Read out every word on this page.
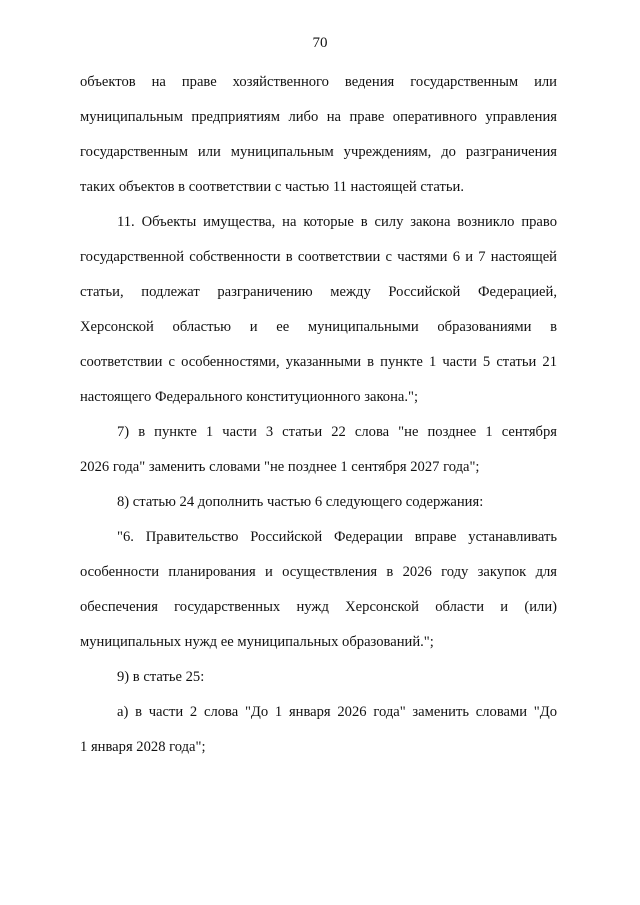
70
объектов на праве хозяйственного ведения государственным или
муниципальным предприятиям либо на праве оперативного управления
государственным или муниципальным учреждениям, до разграничения
таких объектов в соответствии с частью 11 настоящей статьи.
11. Объекты имущества, на которые в силу закона возникло право
государственной собственности в соответствии с частями 6 и 7 настоящей
статьи, подлежат разграничению между Российской Федерацией,
Херсонской областью и ее муниципальными образованиями в
соответствии с особенностями, указанными в пункте 1 части 5 статьи 21
настоящего Федерального конституционного закона.";
7) в пункте 1 части 3 статьи 22 слова "не позднее 1 сентября
2026 года" заменить словами "не позднее 1 сентября 2027 года";
8) статью 24 дополнить частью 6 следующего содержания:
"6. Правительство Российской Федерации вправе устанавливать
особенности планирования и осуществления в 2026 году закупок для
обеспечения государственных нужд Херсонской области и (или)
муниципальных нужд ее муниципальных образований.";
9) в статье 25:
а) в части 2 слова "До 1 января 2026 года" заменить словами "До
1 января 2028 года";
